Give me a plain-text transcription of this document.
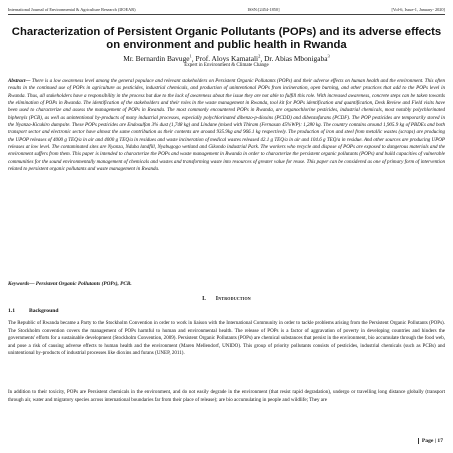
International Journal of Environmental & Agriculture Research (IJOEAR)	ISSN:[2454-1850]	[Vol-6, Issue-1, January- 2020]
Characterization of Persistent Organic Pollutants (POPs) and its adverse effects on environment and public health in Rwanda
Mr. Bernardin Bavuge$^1$, Prof. Aloys Kamatali$^2$, Dr. Abias Mbonigaba$^3$
Expert in Environment & Climate Change

Abstract— There is a low awareness level among the general populace and relevant stakeholders on Persistent Organic Pollutants (POPs) and their adverse effects on human health and the environment. This often results in the continued use of POPs in agriculture as pesticides, industrial chemicals, and production of unintentional POPs from incineration, open burning, and other practices that add to the POPs level in Rwanda. Thus, all stakeholders have a responsibility in the process but due to the lack of awareness about the issue they are not able to fulfill this role. With increased awareness, concrete steps can be taken towards the elimination of POPs in Rwanda. The identification of the stakeholders and their roles in the waste management in Rwanda, tool kit for POPs identification and quantification, Desk Review and Field visits have been used to characterize and assess the management of POPs in Rwanda. The most commonly encountered POPs in Rwanda, are organochlorine pesticides, industrial chemicals, most notably polychlorinated biphenyls (PCB), as well as unintentional by-products of many industrial processes, especially polychlorinated dibenzo-p-dioxins (PCDD) and dibenzofurans (PCDF). The POP pesticides are temporarily stored in the Nyanza-Kicukiro dumpsite. These POPs pesticides are Endosulfan 3% dust (1,748 kg) and Lindane (mixed with Thiram (Fernasan 45%WP): 1,280 kg. The country contains around 1,905.9 kg of PBDEs and both transport sector and electronic sector have almost the same contribution as their contents are around 935.9kg and 966.1 kg respectively. The production of iron and steel from metallic wastes (scraps) are producing the UPOP releases of 4000 g TEQ/a in air and 4000 g TEQ/a in residues and waste incineration of medical wastes released 42.1 g TEQ/a in air and 104.6 g TEQ/a in residue. And other sources are producing UPOP releases at low level. The contaminated sites are Nyanza, Nduba landfill, Nyabugogo wetland and Gikondo industrial Park. The workers who recycle and dispose of POPs are exposed to dangerous materials and the environment suffers from them. This paper is intended to characterize the POPs and waste management in Rwanda in order to characterize the persistent organic pollutants (POPs) and build capacities of vulnerable communities for the sound environmentally management of chemicals and wastes and transforming waste into resources of greater value for reuse. This paper can be considered as one of primary form of intervention related to persistent organic pollutants and waste management in Rwanda.

Keywords— Persistent Organic Pollutants (POPs), PCB.

I. Introduction
1.1	Background

The Republic of Rwanda became a Party to the Stockholm Convention in order to work in liaison with the International Community in order to tackle problems arising from the Persistent Organic Pollutants (POPs). The Stockholm convention covers the management of POPs harmful to human and environmental health. The release of POPs is a factor of aggravation of poverty in developing countries and hinders the governments' efforts for a sustainable development (Stockholm Convention, 2009). Persistent Organic Pollutants (POPs) are chemical substances that persist in the environment, bio accumulate through the food web, and pose a risk of causing adverse effects to human health and the environment (Maren Mellendorf, UNIDO). This group of priority pollutants consists of pesticides, industrial chemicals (such as PCBs) and unintentional by-products of industrial processes like dioxins and furans (UNEP, 2011).

In addition to their toxicity, POPs are Persistent chemicals in the environment, and do not easily degrade in the environment (that resist rapid degradation), undergo or travelling long distance globally (transport through air, water and migratory species across international boundaries far from their place of release); are bio accumulating in people and wildlife; They are

Page | 17
